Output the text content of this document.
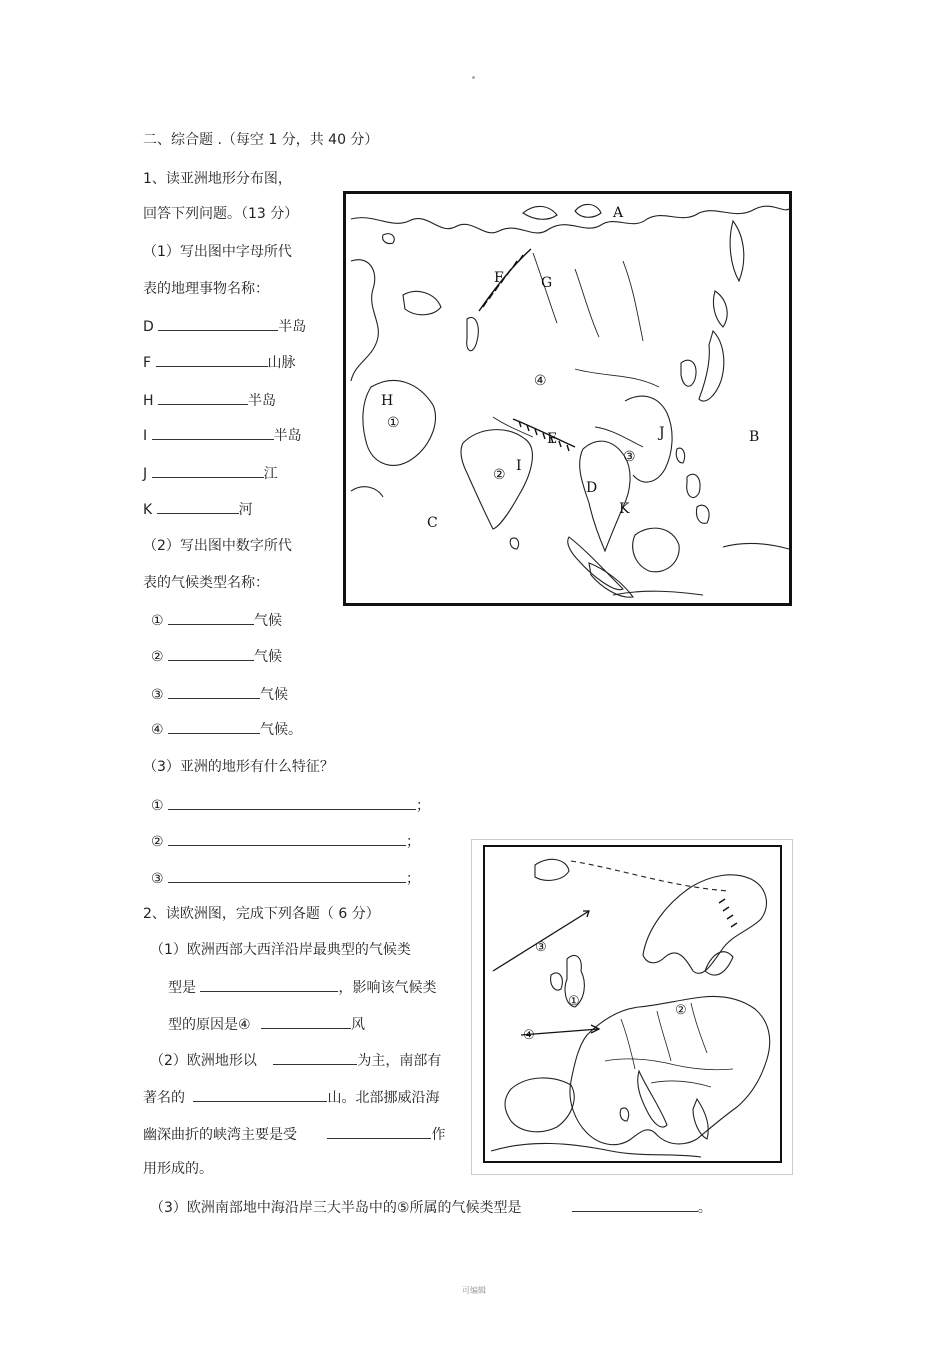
二、综合题 .（每空 1 分，共 40 分）
1、读亚洲地形分布图，
回答下列问题。（13 分）
（1）写出图中字母所代
表的地理事物名称：
D	半岛
F	山脉
H	半岛
I	半岛
J	江
K	河
（2）写出图中数字所代
表的气候类型名称：
①	气候
②	气候
③	气候
④	气候。
（3）亚洲的地形有什么特征？
①	；
②	；
③	；
A
B
C
D
E
F	G
H
I
J
K
①
②
③
④
2、读欧洲图，完成下列各题（ 6 分）
（1）欧洲西部大西洋沿岸最典型的气候类
型是	，影响该气候类
型的原因是④	风
（2）欧洲地形以	为主，南部有
著名的	山。北部挪威沿海
幽深曲折的峡湾主要是受	作
用形成的。
（3）欧洲南部地中海沿岸三大半岛中的⑤所属的气候类型是	。
①
②
③
④
可编辑
